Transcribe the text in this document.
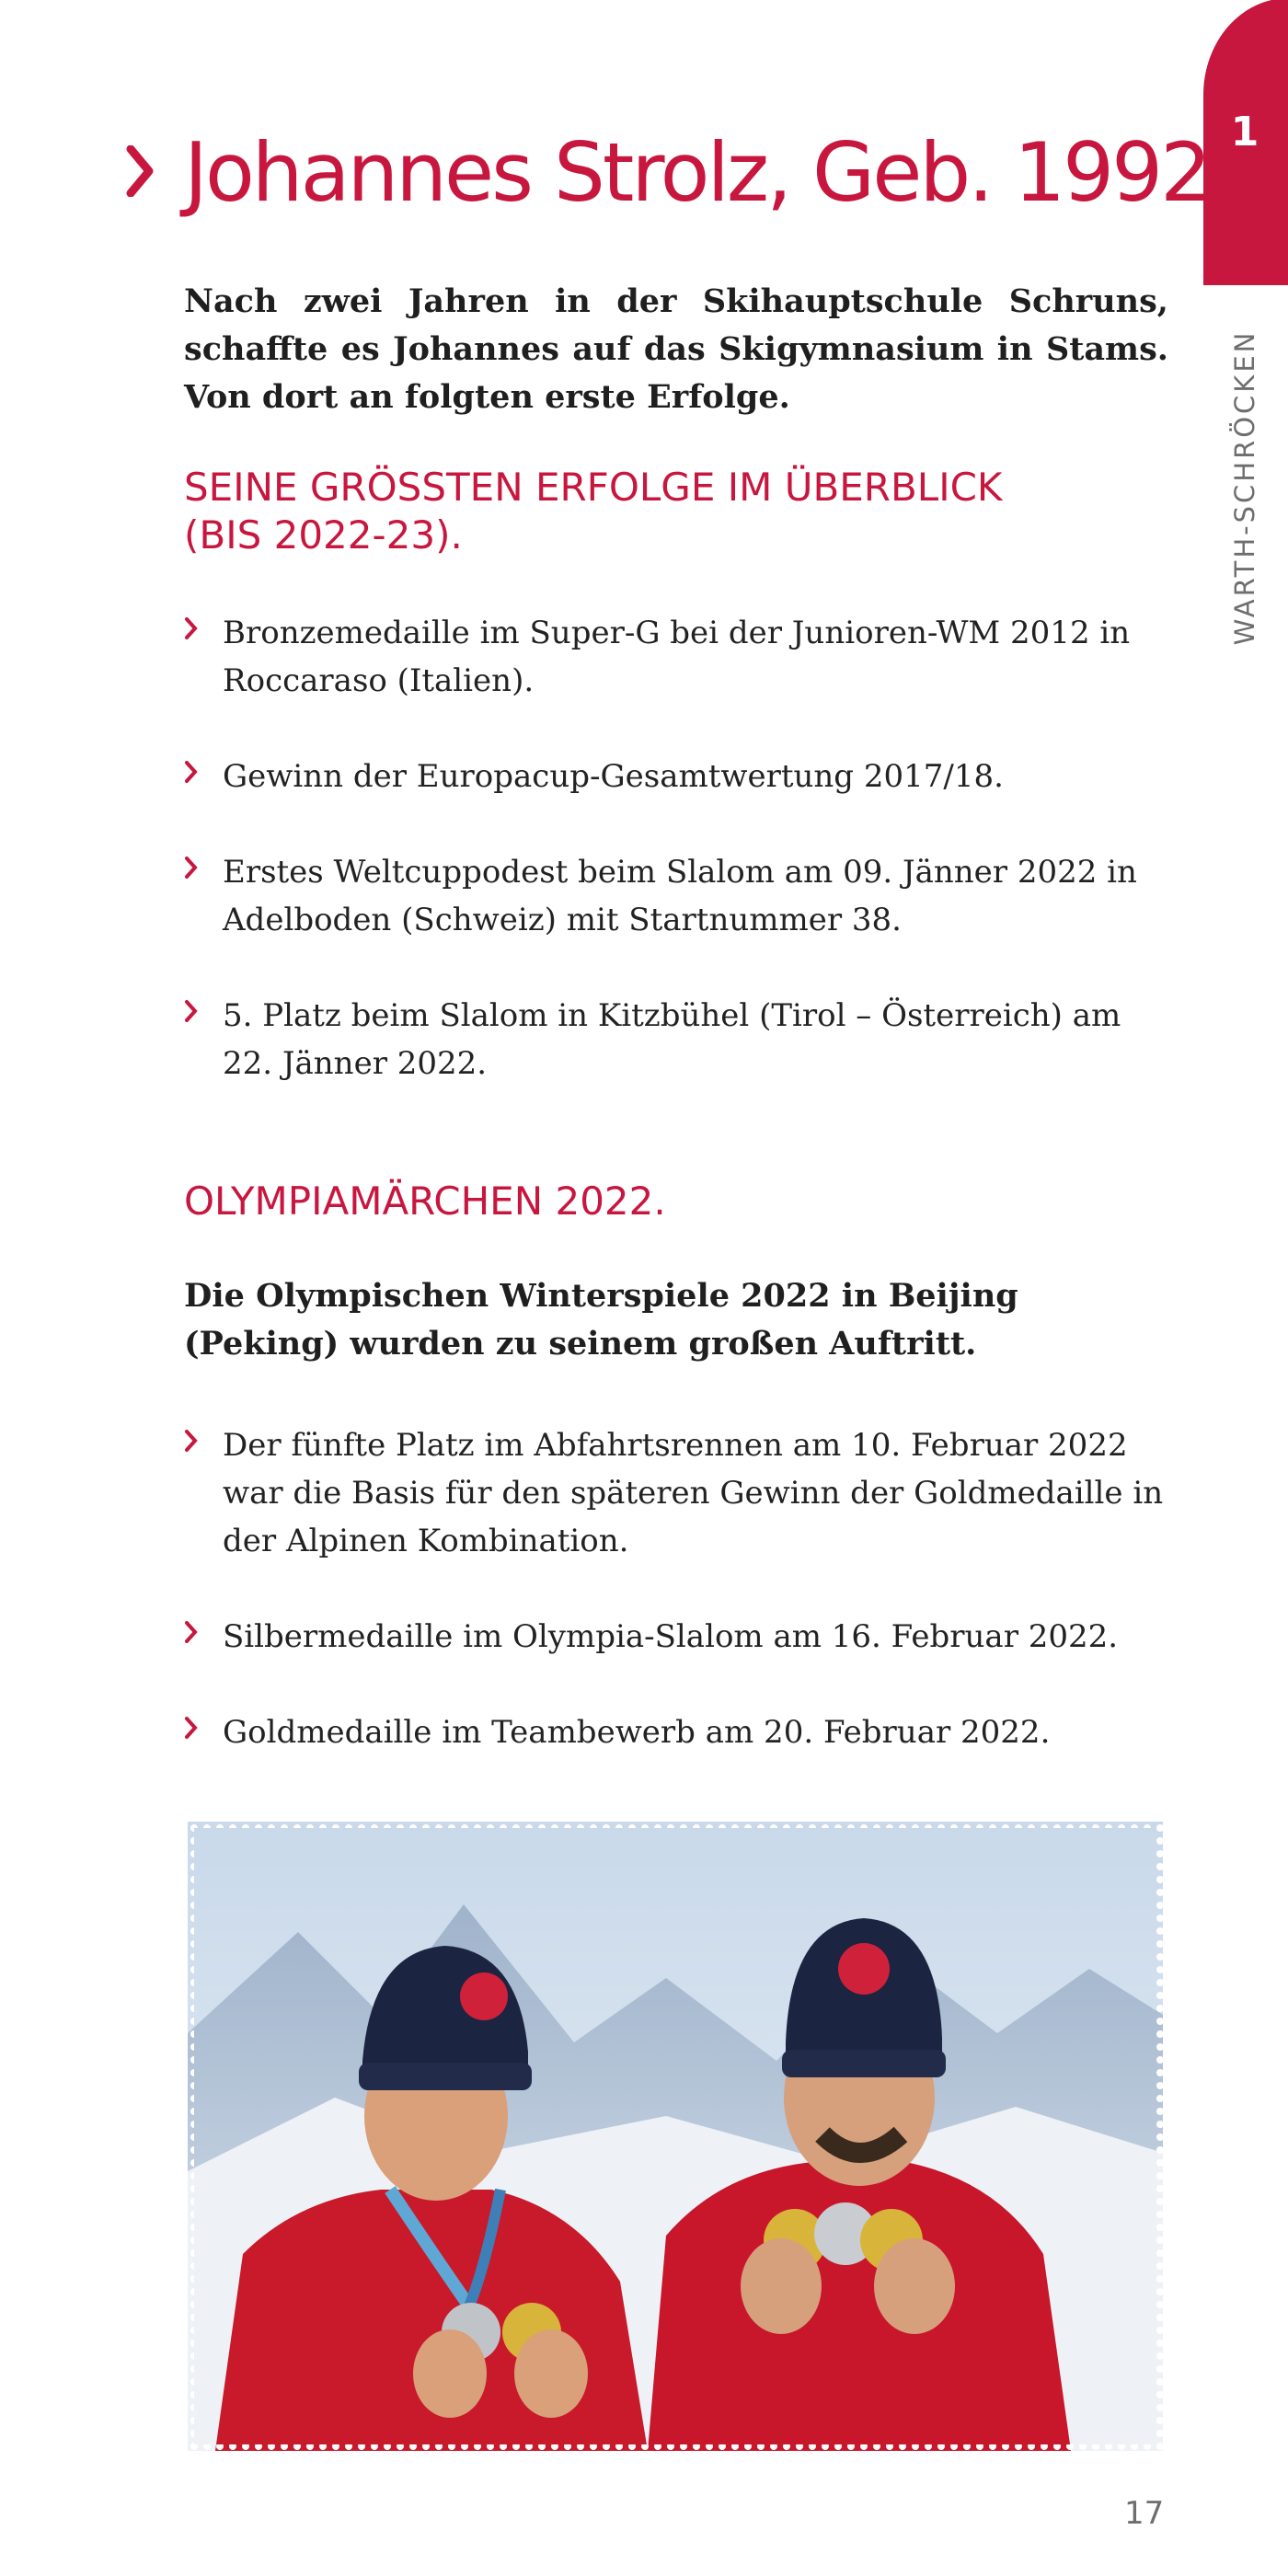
1
WARTH-SCHRÖCKEN
Johannes Strolz, Geb. 1992.

Nach zwei Jahren in der Skihauptschule Schruns, schaffte es Johannes auf das Skigymnasium in Stams. Von dort an folgten erste Erfolge.

SEINE GRÖSSTEN ERFOLGE IM ÜBERBLICK (BIS 2022-23).
Bronzemedaille im Super-G bei der Junioren-WM 2012 in Roccaraso (Italien).
Gewinn der Europacup-Gesamtwertung 2017/18.
Erstes Weltcuppodest beim Slalom am 09. Jänner 2022 in Adelboden (Schweiz) mit Startnummer 38.
5. Platz beim Slalom in Kitzbühel (Tirol – Österreich) am 22. Jänner 2022.
OLYMPIAMÄRCHEN 2022.

Die Olympischen Winterspiele 2022 in Beijing (Peking) wurden zu seinem großen Auftritt.

Der fünfte Platz im Abfahrtsrennen am 10. Februar 2022 war die Basis für den späteren Gewinn der Goldmedaille in der Alpinen Kombination.
Silbermedaille im Olympia-Slalom am 16. Februar 2022.
Goldmedaille im Teambewerb am 20. Februar 2022.
17
